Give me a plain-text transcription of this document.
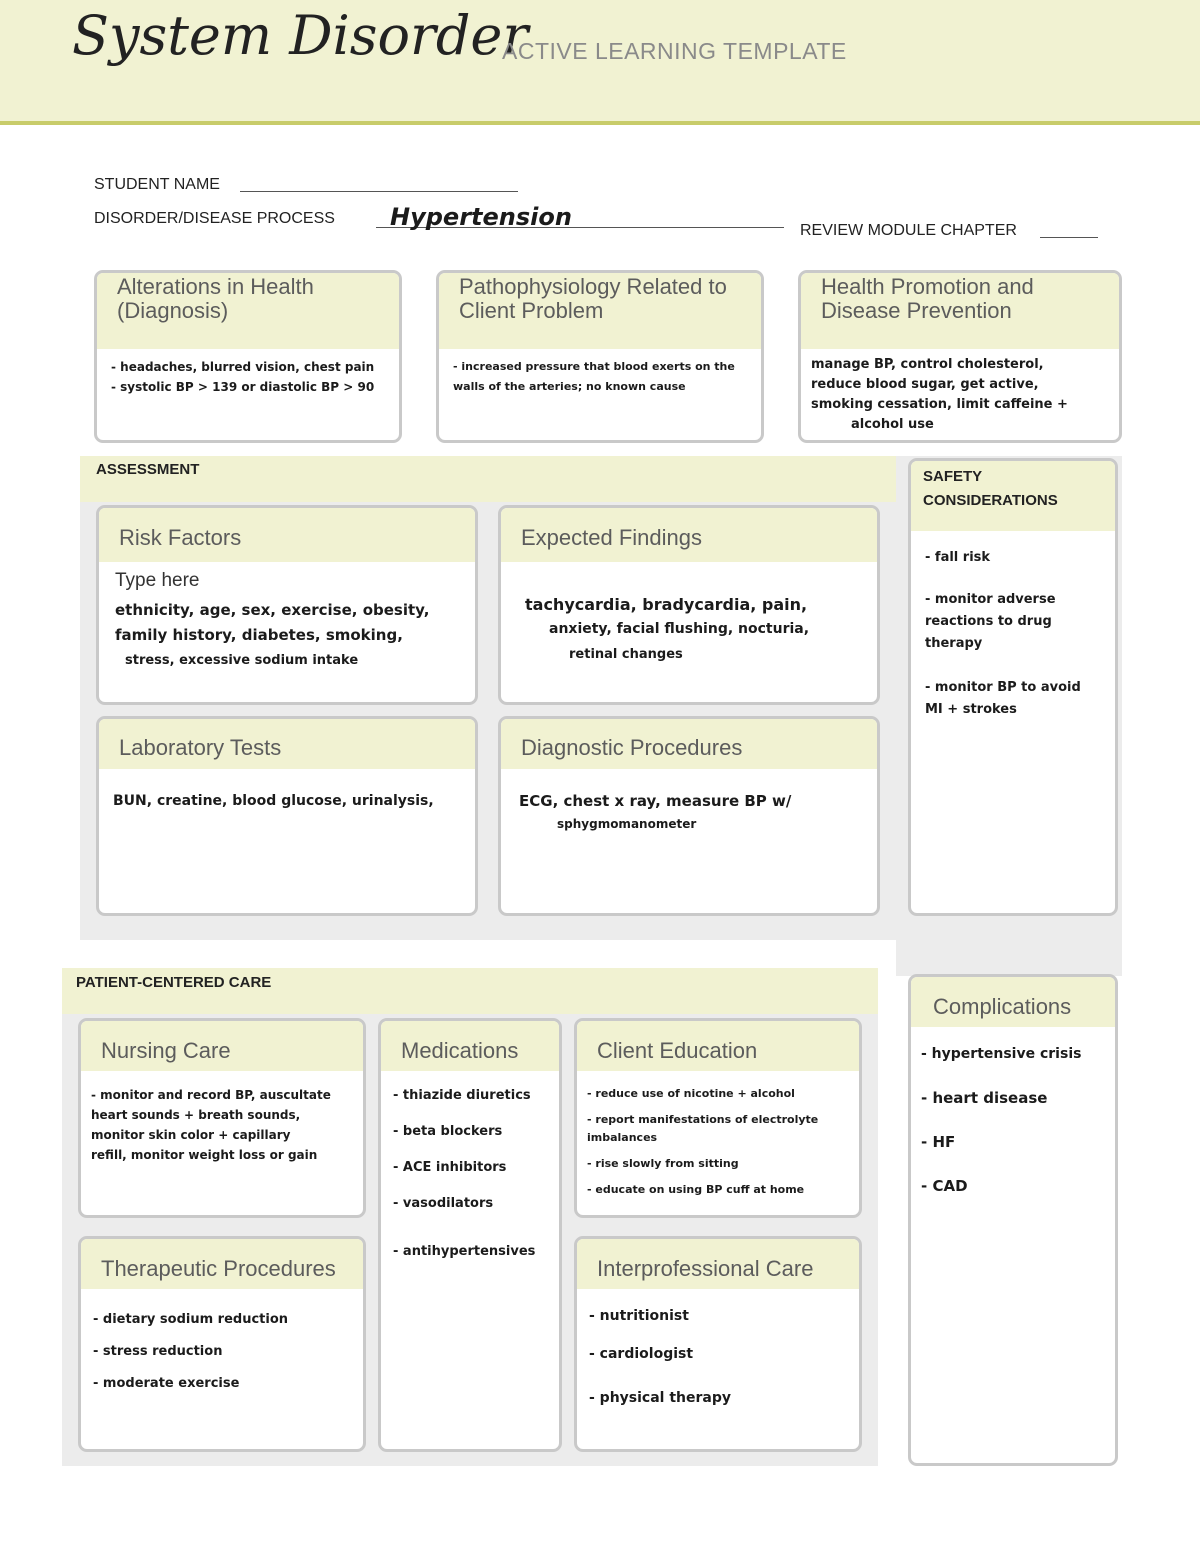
System Disorder
ACTIVE LEARNING TEMPLATE
STUDENT NAME
DISORDER/DISEASE PROCESS Hypertension	REVIEW MODULE CHAPTER
Alterations in Health (Diagnosis)

- headaches, blurred vision, chest pain

- systolic BP > 139 or diastolic BP > 90

Pathophysiology Related to Client Problem

- increased pressure that blood exerts on the

walls of the arteries; no known cause

Health Promotion and Disease Prevention

manage BP, control cholesterol,

reduce blood sugar, get active,

smoking cessation, limit caffeine +

alcohol use

ASSESSMENT
Risk Factors

Type here

ethnicity, age, sex, exercise, obesity,

family history, diabetes, smoking,

stress, excessive sodium intake

Expected Findings

tachycardia, bradycardia, pain,

anxiety, facial flushing, nocturia,

retinal changes

Laboratory Tests

BUN, creatine, blood glucose, urinalysis,

Diagnostic Procedures

ECG, chest x ray, measure BP w/

sphygmomanometer

SAFETY
CONSIDERATIONS

- fall risk

- monitor adverse reactions to drug therapy

- monitor BP to avoid MI + strokes

PATIENT-CENTERED CARE
Nursing Care

- monitor and record BP, auscultate

heart sounds + breath sounds,

monitor skin color + capillary

refill, monitor weight loss or gain

Medications

- thiazide diuretics

- beta blockers

- ACE inhibitors

- vasodilators

- antihypertensives

Client Education

- reduce use of nicotine + alcohol

- report manifestations of electrolyte imbalances

- rise slowly from sitting

- educate on using BP cuff at home

Therapeutic Procedures

- dietary sodium reduction

- stress reduction

- moderate exercise

Interprofessional Care

- nutritionist

- cardiologist

- physical therapy

Complications

- hypertensive crisis

- heart disease

- HF

- CAD
